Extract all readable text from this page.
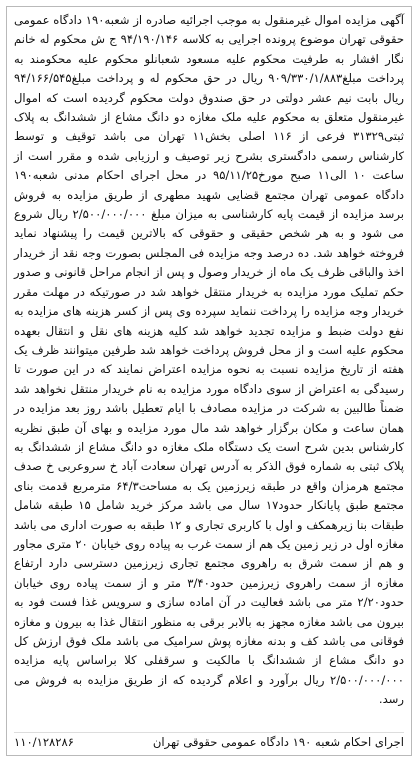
آگهی مزایده اموال غیرمنقول به موجب اجرائیه صادره از شعبه۱۹۰ دادگاه عمومی حقوقی تهران موضوع پرونده اجرایی به کلاسه ۹۴/۱۹۰/۱۴۶ ج ش محکوم له خانم نگار افشار به طرفیت محکوم علیه مسعود شعبانلو محکوم علیه محکومند به پرداخت مبلغ۹۰۹/۳۳۰/۱/۸۸۳ ریال در حق محکوم له و پرداخت مبلغ۹۴/۱۶۶/۵۴۵ ریال بابت نیم عشر دولتی در حق صندوق دولت محکوم گردیده است که اموال غیرمنقول متعلق به محکوم علیه ملک مغازه دو دانگ مشاع از ششدانگ به پلاک ثبتی۳۱۳۲۹ فرعی از ۱۱۶ اصلی بخش۱۱ تهران می باشد توقیف و توسط کارشناس رسمی دادگستری بشرح زیر توصیف و ارزیابی شده و مقرر است از ساعت ۱۰ الی۱۱ صبح مورخ۹۵/۱۱/۲۵ در محل اجرای احکام مدنی شعبه۱۹۰ دادگاه عمومی تهران مجتمع قضایی شهید مطهری از طریق مزایده به فروش برسد مزایده از قیمت پایه کارشناسی به میزان مبلغ ۲/۵۰۰/۰۰۰/۰۰۰ ریال شروع می شود و به هر شخص حقیقی و حقوقی که بالاترین قیمت را پیشنهاد نماید فروخته خواهد شد. ده درصد وجه مزایده فی المجلس بصورت وجه نقد از خریدار اخذ والباقی ظرف یک ماه از خریدار وصول و پس از انجام مراحل قانونی و صدور حکم تملیک مورد مزایده به خریدار منتقل خواهد شد در صورتیکه در مهلت مقرر خریدار وجه مزایده را پرداخت ننماید سپرده وی پس از کسر هزینه های مزایده به نفع دولت ضبط و مزایده تجدید خواهد شد کلیه هزینه های نقل و انتقال بعهده محکوم علیه است و از محل فروش پرداخت خواهد شد طرفین میتوانند ظرف یک هفته از تاریخ مزایده نسبت به نحوه مزایده اعتراض نمایند که در این صورت تا رسیدگی به اعتراض از سوی دادگاه مورد مزایده به نام خریدار منتقل نخواهد شد ضمناً طالبین به شرکت در مزایده مصادف با ایام تعطیل باشد روز بعد مزایده در همان ساعت و مکان برگزار خواهد شد مال مورد مزایده و بهای آن طبق نظریه کارشناس بدین شرح است یک دستگاه ملک مغازه دو دانگ مشاع از ششدانگ به پلاک ثبتی به شماره فوق الذکر به آدرس تهران سعادت آباد خ سروعربی خ صدف مجتمع هرمزان واقع در طبقه زیرزمین یک به مساحت۶۴/۳ مترمربع قدمت بنای مجتمع طبق پایانکار حدود۱۷ سال می باشد مرکز خرید شامل ۱۵ طبقه شامل طبقات بنا زیرهمکف و اول با کاربری تجاری و ۱۲ طبقه به صورت اداری می باشد مغازه اول در زیر زمین یک هم از سمت غرب به پیاده روی خیابان ۲۰ متری مجاور و هم از سمت شرق به راهروی مجتمع تجاری زیرزمین دسترسی دارد ارتفاع مغازه از سمت راهروی زیرزمین حدود۳/۴۰ متر و از سمت پیاده روی خیابان حدود۲/۲۰ متر می باشد فعالیت در آن اماده سازی و سرویس غذا فست فود به بیرون می باشد مغازه مجهز به بالابر برقی به منظور انتقال غذا به بیرون و مغازه فوقانی می باشد کف و بدنه مغازه پوش سرامیک می باشد ملک فوق ارزش کل دو دانگ مشاع از ششدانگ با مالکیت و سرقفلی کلا براساس پایه مزایده ۲/۵۰۰/۰۰۰/۰۰۰ ریال برآورد و اعلام گردیده که از طریق مزایده به فروش می رسد.

اجرای احکام شعبه ۱۹۰ دادگاه عمومی حقوقی تهران
۱۱۰/۱۲۸۲۸۶
